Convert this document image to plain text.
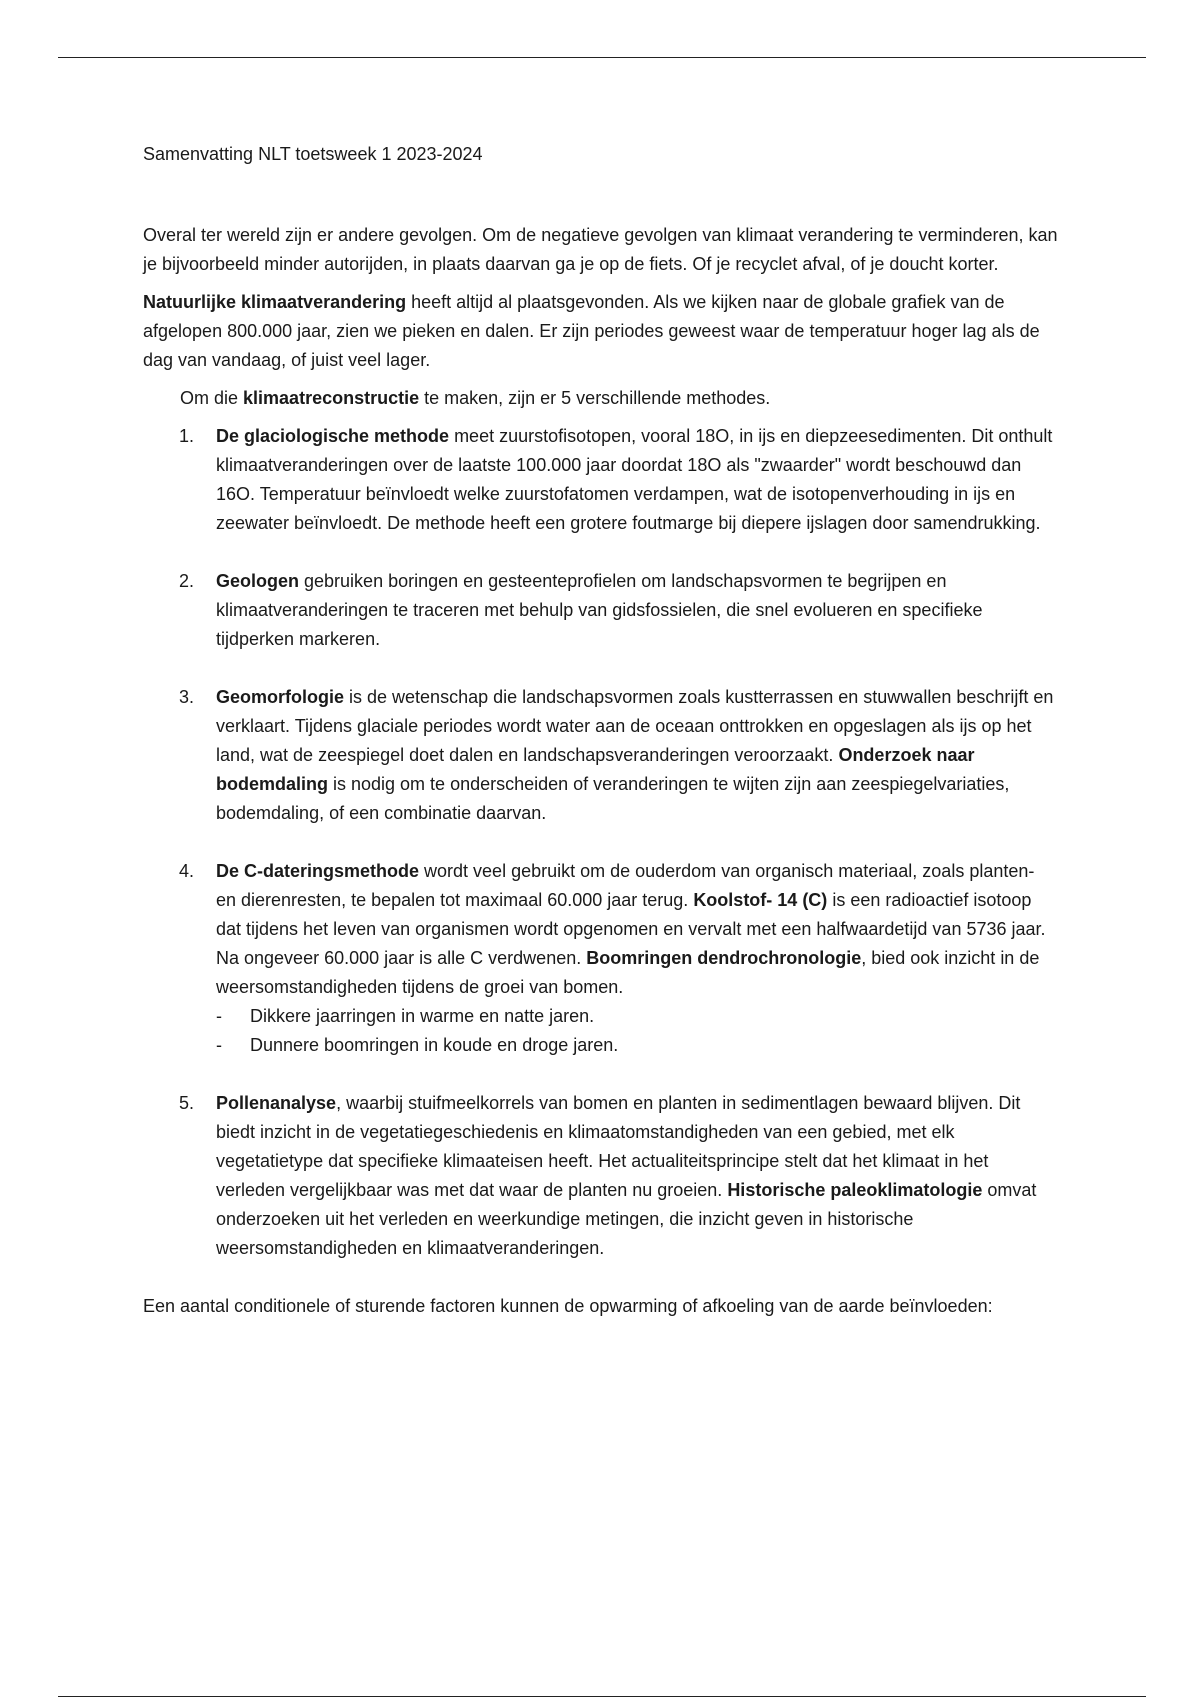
Samenvatting NLT toetsweek 1 2023-2024

Overal ter wereld zijn er andere gevolgen. Om de negatieve gevolgen van klimaat verandering te verminderen, kan je bijvoorbeeld minder autorijden, in plaats daarvan ga je op de fiets. Of je recyclet afval, of je doucht korter.

Natuurlijke klimaatverandering heeft altijd al plaatsgevonden. Als we kijken naar de globale grafiek van de afgelopen 800.000 jaar, zien we pieken en dalen. Er zijn periodes geweest waar de temperatuur hoger lag als de dag van vandaag, of juist veel lager.

Om die klimaatreconstructie te maken, zijn er 5 verschillende methodes.

1. De glaciologische methode meet zuurstofisotopen, vooral 18O, in ijs en diepzeesedimenten. Dit onthult klimaatveranderingen over de laatste 100.000 jaar doordat 18O als "zwaarder" wordt beschouwd dan 16O. Temperatuur beïnvloedt welke zuurstofatomen verdampen, wat de isotopenverhouding in ijs en zeewater beïnvloedt. De methode heeft een grotere foutmarge bij diepere ijslagen door samendrukking.
2. Geologen gebruiken boringen en gesteenteprofielen om landschapsvormen te begrijpen en klimaatveranderingen te traceren met behulp van gidsfossielen, die snel evolueren en specifieke tijdperken markeren.
3. Geomorfologie is de wetenschap die landschapsvormen zoals kustterrassen en stuwwallen beschrijft en verklaart. Tijdens glaciale periodes wordt water aan de oceaan onttrokken en opgeslagen als ijs op het land, wat de zeespiegel doet dalen en landschapsveranderingen veroorzaakt. Onderzoek naar bodemdaling is nodig om te onderscheiden of veranderingen te wijten zijn aan zeespiegelvariaties, bodemdaling, of een combinatie daarvan.
4. De C-dateringsmethode wordt veel gebruikt om de ouderdom van organisch materiaal, zoals planten- en dierenresten, te bepalen tot maximaal 60.000 jaar terug. Koolstof- 14 (C) is een radioactief isotoop dat tijdens het leven van organismen wordt opgenomen en vervalt met een halfwaardetijd van 5736 jaar. Na ongeveer 60.000 jaar is alle C verdwenen. Boomringen dendrochronologie, bied ook inzicht in de weersomstandigheden tijdens de groei van bomen.
- Dikkere jaarringen in warme en natte jaren.
- Dunnere boomringen in koude en droge jaren.
5. Pollenanalyse, waarbij stuifmeelkorrels van bomen en planten in sedimentlagen bewaard blijven. Dit biedt inzicht in de vegetatiegeschiedenis en klimaatomstandigheden van een gebied, met elk vegetatietype dat specifieke klimaateisen heeft. Het actualiteitsprincipe stelt dat het klimaat in het verleden vergelijkbaar was met dat waar de planten nu groeien. Historische paleoklimatologie omvat onderzoeken uit het verleden en weerkundige metingen, die inzicht geven in historische weersomstandigheden en klimaatveranderingen.

Een aantal conditionele of sturende factoren kunnen de opwarming of afkoeling van de aarde beïnvloeden:
